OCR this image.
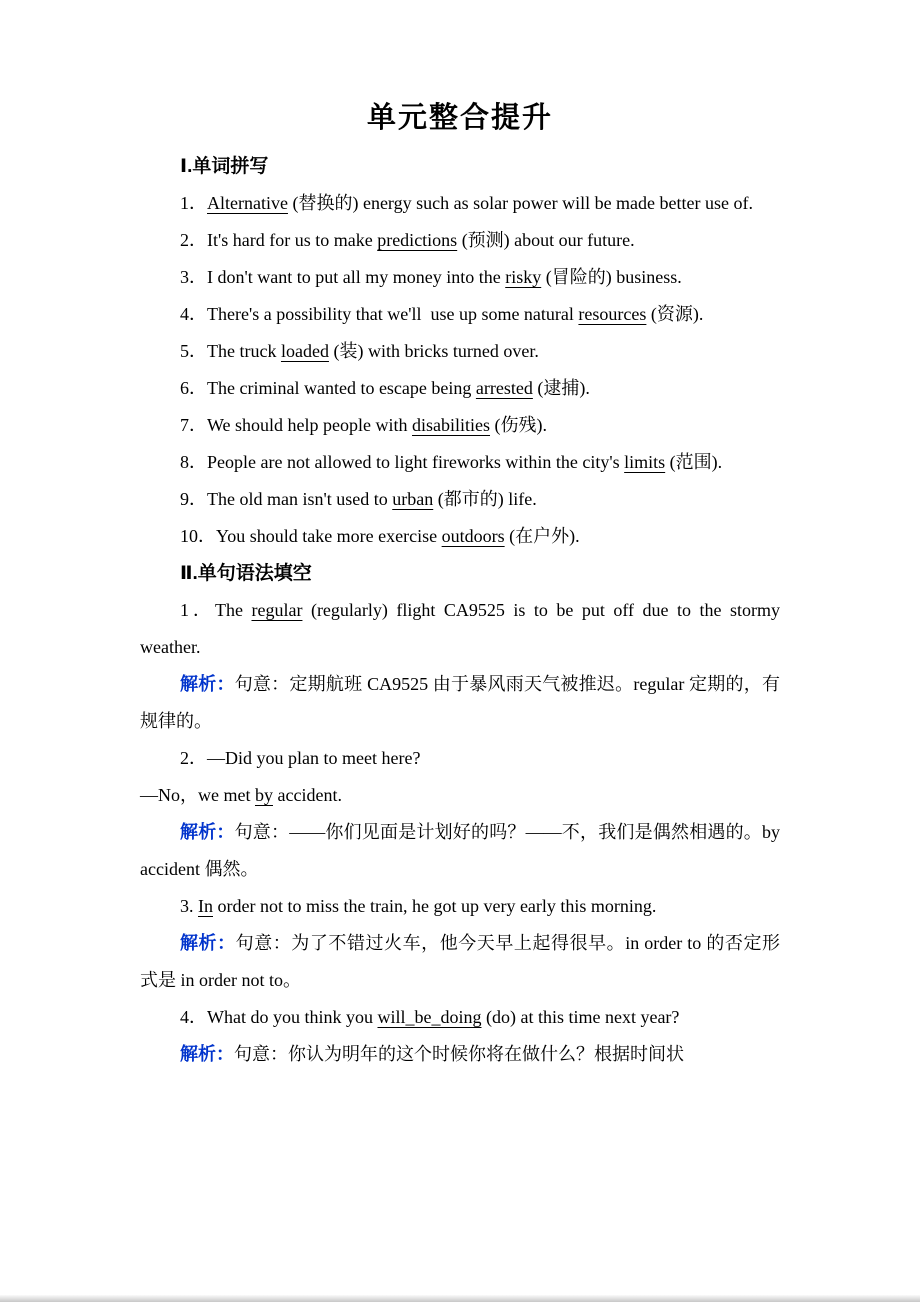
单元整合提升

Ⅰ.单词拼写

1．Alternative (替换的) energy such as solar power will be made better use of.

2．It's hard for us to make predictions (预测) about our future.

3．I don't want to put all my money into the risky (冒险的) business.

4．There's a possibility that we'll  use up some natural resources (资源).

5．The truck loaded (装) with bricks turned over.

6．The criminal wanted to escape being arrested (逮捕).

7．We should help people with disabilities (伤残).

8．People are not allowed to light fireworks within the city's limits (范围).

9．The old man isn't used to urban (都市的) life.

10．You should take more exercise outdoors (在户外).

Ⅱ.单句语法填空

1．The regular (regularly) flight CA9525 is to be put off due to the stormy weather.

解析：句意：定期航班 CA9525 由于暴风雨天气被推迟。regular 定期的，有规律的。

2．—Did you plan to meet here?

—No，we met by accident.

解析：句意：——你们见面是计划好的吗？——不，我们是偶然相遇的。by accident 偶然。

3. In order not to miss the train, he got up very early this morning.

解析：句意：为了不错过火车，他今天早上起得很早。in order to 的否定形式是 in order not to。

4．What do you think you will_be_doing (do) at this time next year?

解析：句意：你认为明年的这个时候你将在做什么？根据时间状
